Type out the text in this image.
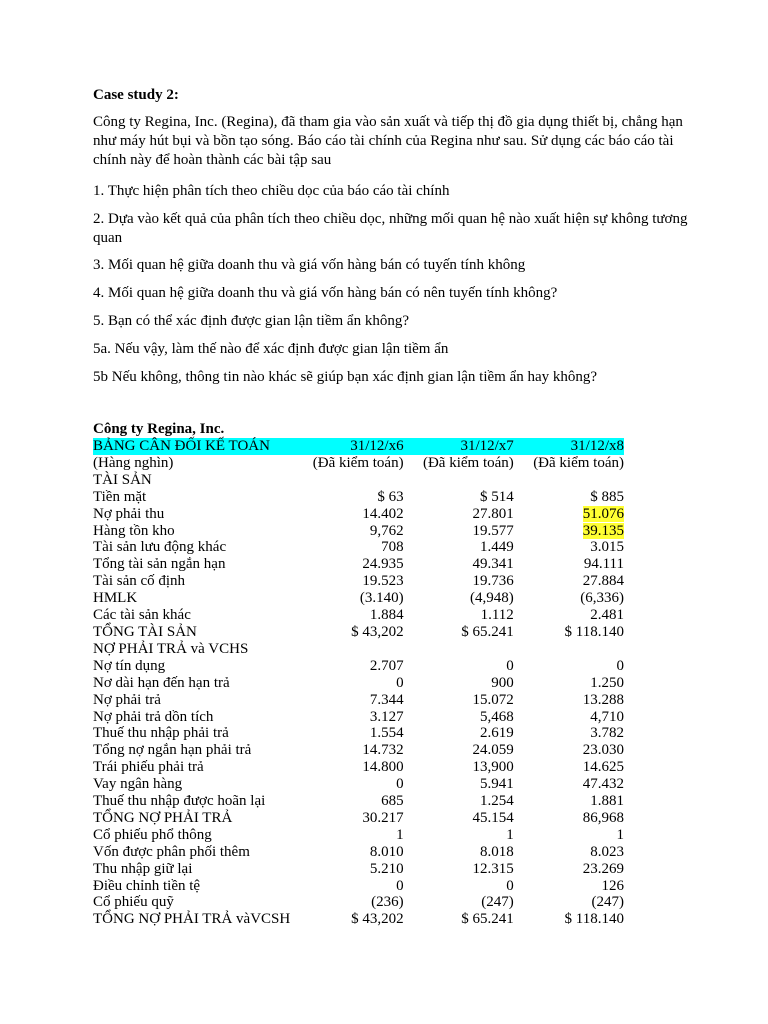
Case study 2:
Công ty Regina, Inc. (Regina), đã tham gia vào sản xuất và tiếp thị đồ gia dụng thiết bị, chẳng hạn như máy hút bụi và bồn tạo sóng. Báo cáo tài chính của Regina như sau. Sử dụng các báo cáo tài chính này để hoàn thành các bài tập sau
1. Thực hiện phân tích theo chiều dọc của báo cáo tài chính
2. Dựa vào kết quả của phân tích theo chiều dọc, những mối quan hệ nào xuất hiện sự không tương quan
3. Mối quan hệ giữa doanh thu và giá vốn hàng bán có tuyến tính không
4. Mối quan hệ giữa doanh thu và giá vốn hàng bán có nên tuyến tính không?
5. Bạn có thể xác định được gian lận tiềm ẩn không?
5a. Nếu vậy, làm thế nào để xác định được gian lận tiềm ẩn
5b Nếu không, thông tin nào khác sẽ giúp bạn xác định gian lận tiềm ẩn hay không?
Công ty Regina, Inc.
BẢNG CÂN ĐỐI KẾ TOÁN	31/12/x6	31/12/x7	31/12/x8
(Hàng nghìn)	(Đã kiểm toán)	(Đã kiểm toán)	(Đã kiểm toán)
TÀI SẢN			
Tiền mặt	$ 63	$ 514	$ 885
Nợ phải thu	14.402	27.801	51.076
Hàng tồn kho	9,762	19.577	39.135
Tài sản lưu động khác	708	1.449	3.015
Tổng tài sản ngắn hạn	24.935	49.341	94.111
Tài sản cố định	19.523	19.736	27.884
HMLK	(3.140)	(4,948)	(6,336)
Các tài sản khác	1.884	1.112	2.481
TỔNG TÀI SẢN	$ 43,202	$ 65.241	$ 118.140
NỢ PHẢI TRẢ và VCHS			
Nợ tín dụng	2.707	0	0
Nơ dài hạn đến hạn trả	0	900	1.250
Nợ phải trả	7.344	15.072	13.288
Nợ phải trả dồn tích	3.127	5,468	4,710
Thuế thu nhập phải trả	1.554	2.619	3.782
Tổng nợ ngắn hạn phải trả	14.732	24.059	23.030
Trái phiếu phải trả	14.800	13,900	14.625
Vay ngân hàng	0	5.941	47.432
Thuế thu nhập được hoãn lại	685	1.254	1.881
TỔNG NỢ PHẢI TRẢ	30.217	45.154	86,968
Cổ phiếu phổ thông	1	1	1
Vốn được phân phối thêm	8.010	8.018	8.023
Thu nhập giữ lại	5.210	12.315	23.269
Điều chỉnh tiền tệ	0	0	126
Cổ phiếu quỹ	(236)	(247)	(247)
TỔNG NỢ PHẢI TRẢ vàVCSH	$ 43,202	$ 65.241	$ 118.140
